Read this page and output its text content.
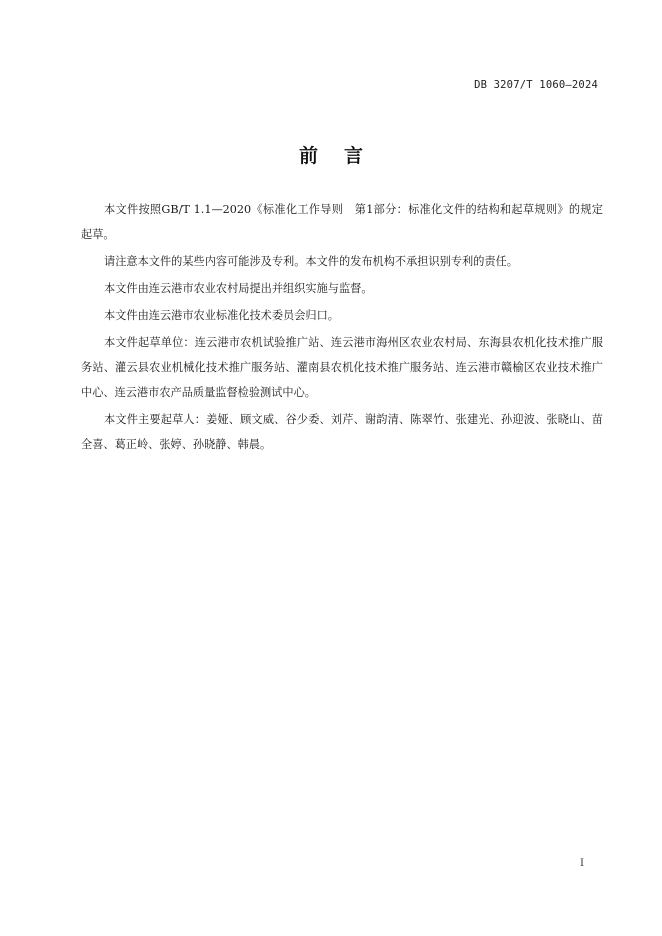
DB 3207/T 1060—2024
前言

本文件按照GB/T 1.1—2020《标准化工作导则　第1部分：标准化文件的结构和起草规则》的规定起草。

请注意本文件的某些内容可能涉及专利。本文件的发布机构不承担识别专利的责任。

本文件由连云港市农业农村局提出并组织实施与监督。

本文件由连云港市农业标准化技术委员会归口。

本文件起草单位：连云港市农机试验推广站、连云港市海州区农业农村局、东海县农机化技术推广服务站、灌云县农业机械化技术推广服务站、灌南县农机化技术推广服务站、连云港市赣榆区农业技术推广中心、连云港市农产品质量监督检验测试中心。

本文件主要起草人：姜娅、顾文威、谷少委、刘芹、谢韵清、陈翠竹、张建光、孙迎波、张晓山、苗全喜、葛正岭、张婷、孙晓静、韩晨。

I
